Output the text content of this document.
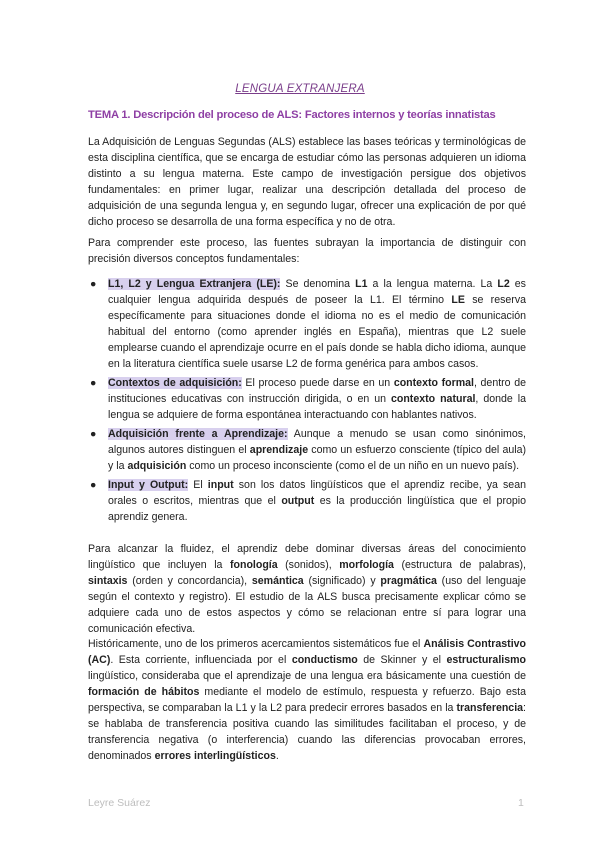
LENGUA EXTRANJERA
TEMA 1. Descripción del proceso de ALS: Factores internos y teorías innatistas

La Adquisición de Lenguas Segundas (ALS) establece las bases teóricas y terminológicas de esta disciplina científica, que se encarga de estudiar cómo las personas adquieren un idioma distinto a su lengua materna. Este campo de investigación persigue dos objetivos fundamentales: en primer lugar, realizar una descripción detallada del proceso de adquisición de una segunda lengua y, en segundo lugar, ofrecer una explicación de por qué dicho proceso se desarrolla de una forma específica y no de otra.

Para comprender este proceso, las fuentes subrayan la importancia de distinguir con precisión diversos conceptos fundamentales:

● L1, L2 y Lengua Extranjera (LE): Se denomina L1 a la lengua materna. La L2 es cualquier lengua adquirida después de poseer la L1. El término LE se reserva específicamente para situaciones donde el idioma no es el medio de comunicación habitual del entorno (como aprender inglés en España), mientras que L2 suele emplearse cuando el aprendizaje ocurre en el país donde se habla dicho idioma, aunque en la literatura científica suele usarse L2 de forma genérica para ambos casos.
● Contextos de adquisición: El proceso puede darse en un contexto formal, dentro de instituciones educativas con instrucción dirigida, o en un contexto natural, donde la lengua se adquiere de forma espontánea interactuando con hablantes nativos.
● Adquisición frente a Aprendizaje: Aunque a menudo se usan como sinónimos, algunos autores distinguen el aprendizaje como un esfuerzo consciente (típico del aula) y la adquisición como un proceso inconsciente (como el de un niño en un nuevo país).
● Input y Output: El input son los datos lingüísticos que el aprendiz recibe, ya sean orales o escritos, mientras que el output es la producción lingüística que el propio aprendiz genera.

Para alcanzar la fluidez, el aprendiz debe dominar diversas áreas del conocimiento lingüístico que incluyen la fonología (sonidos), morfología (estructura de palabras), sintaxis (orden y concordancia), semántica (significado) y pragmática (uso del lenguaje según el contexto y registro). El estudio de la ALS busca precisamente explicar cómo se adquiere cada uno de estos aspectos y cómo se relacionan entre sí para lograr una comunicación efectiva.

Históricamente, uno de los primeros acercamientos sistemáticos fue el Análisis Contrastivo (AC). Esta corriente, influenciada por el conductismo de Skinner y el estructuralismo lingüístico, consideraba que el aprendizaje de una lengua era básicamente una cuestión de formación de hábitos mediante el modelo de estímulo, respuesta y refuerzo. Bajo esta perspectiva, se comparaban la L1 y la L2 para predecir errores basados en la transferencia: se hablaba de transferencia positiva cuando las similitudes facilitaban el proceso, y de transferencia negativa (o interferencia) cuando las diferencias provocaban errores, denominados errores interlingüísticos.

Leyre Suárez	1
